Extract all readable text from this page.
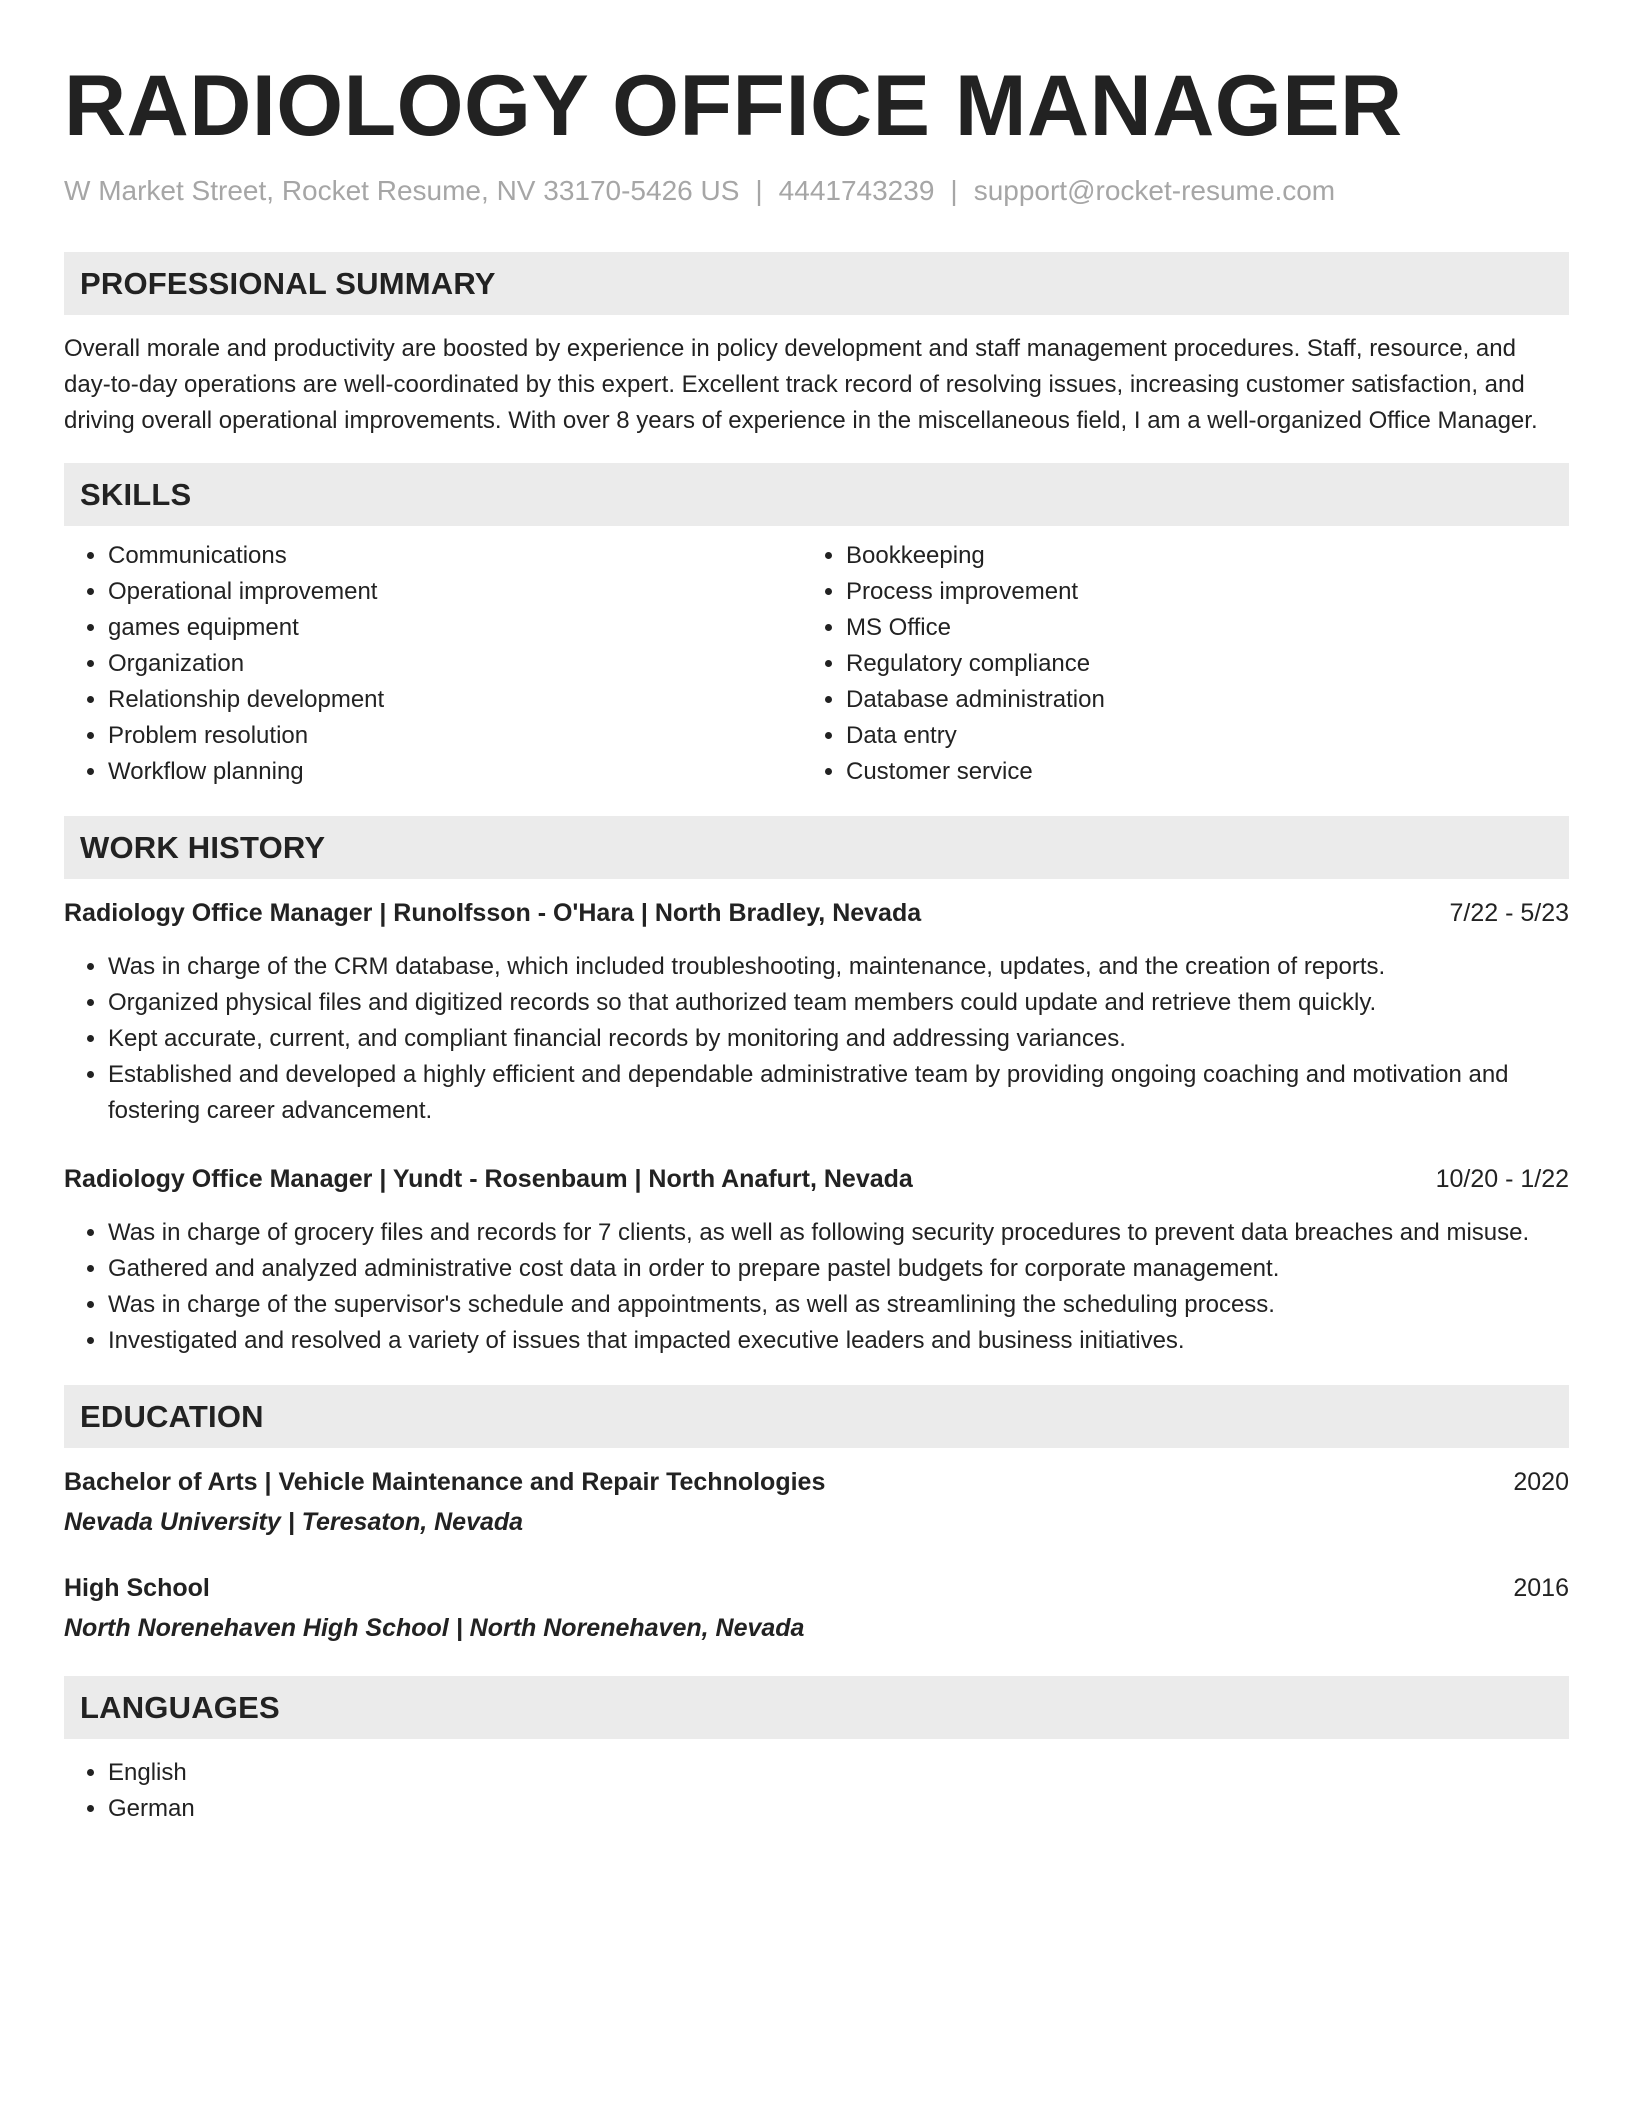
RADIOLOGY OFFICE MANAGER
W Market Street, Rocket Resume, NV 33170-5426 US | 4441743239 | support@rocket-resume.com
PROFESSIONAL SUMMARY

Overall morale and productivity are boosted by experience in policy development and staff management procedures. Staff, resource, and day-to-day operations are well-coordinated by this expert. Excellent track record of resolving issues, increasing customer satisfaction, and driving overall operational improvements. With over 8 years of experience in the miscellaneous field, I am a well-organized Office Manager.

SKILLS
• Communications
• Operational improvement
• games equipment
• Organization
• Relationship development
• Problem resolution
• Workflow planning
• Bookkeeping
• Process improvement
• MS Office
• Regulatory compliance
• Database administration
• Data entry
• Customer service
WORK HISTORY
Radiology Office Manager | Runolfsson - O'Hara | North Bradley, Nevada	7/22 - 5/23
• Was in charge of the CRM database, which included troubleshooting, maintenance, updates, and the creation of reports.
• Organized physical files and digitized records so that authorized team members could update and retrieve them quickly.
• Kept accurate, current, and compliant financial records by monitoring and addressing variances.
• Established and developed a highly efficient and dependable administrative team by providing ongoing coaching and motivation and fostering career advancement.
Radiology Office Manager | Yundt - Rosenbaum | North Anafurt, Nevada	10/20 - 1/22
• Was in charge of grocery files and records for 7 clients, as well as following security procedures to prevent data breaches and misuse.
• Gathered and analyzed administrative cost data in order to prepare pastel budgets for corporate management.
• Was in charge of the supervisor's schedule and appointments, as well as streamlining the scheduling process.
• Investigated and resolved a variety of issues that impacted executive leaders and business initiatives.
EDUCATION
Bachelor of Arts | Vehicle Maintenance and Repair Technologies	2020
Nevada University | Teresaton, Nevada
High School	2016
North Norenehaven High School | North Norenehaven, Nevada
LANGUAGES
• English
• German
